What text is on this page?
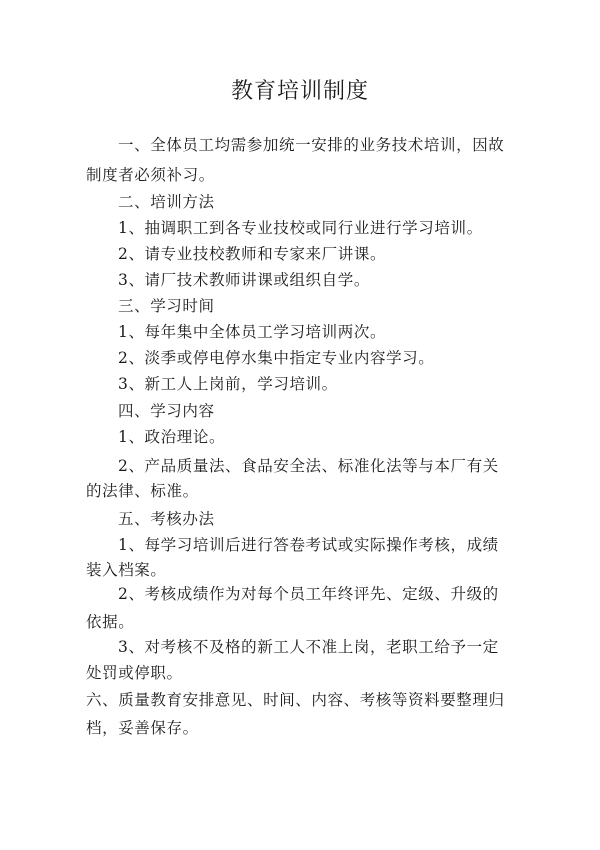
教育培训制度
一、全体员工均需参加统一安排的业务技术培训，因故
制度者必须补习。
二、培训方法
1、抽调职工到各专业技校或同行业进行学习培训。
2、请专业技校教师和专家来厂讲课。
3、请厂技术教师讲课或组织自学。
三、学习时间
1、每年集中全体员工学习培训两次。
2、淡季或停电停水集中指定专业内容学习。
3、新工人上岗前，学习培训。
四、学习内容
1、政治理论。
2、产品质量法、食品安全法、标准化法等与本厂有关
的法律、标准。
五、考核办法
1、每学习培训后进行答卷考试或实际操作考核，成绩
装入档案。
2、考核成绩作为对每个员工年终评先、定级、升级的
依据。
3、对考核不及格的新工人不准上岗，老职工给予一定
处罚或停职。
六、质量教育安排意见、时间、内容、考核等资料要整理归
档，妥善保存。
